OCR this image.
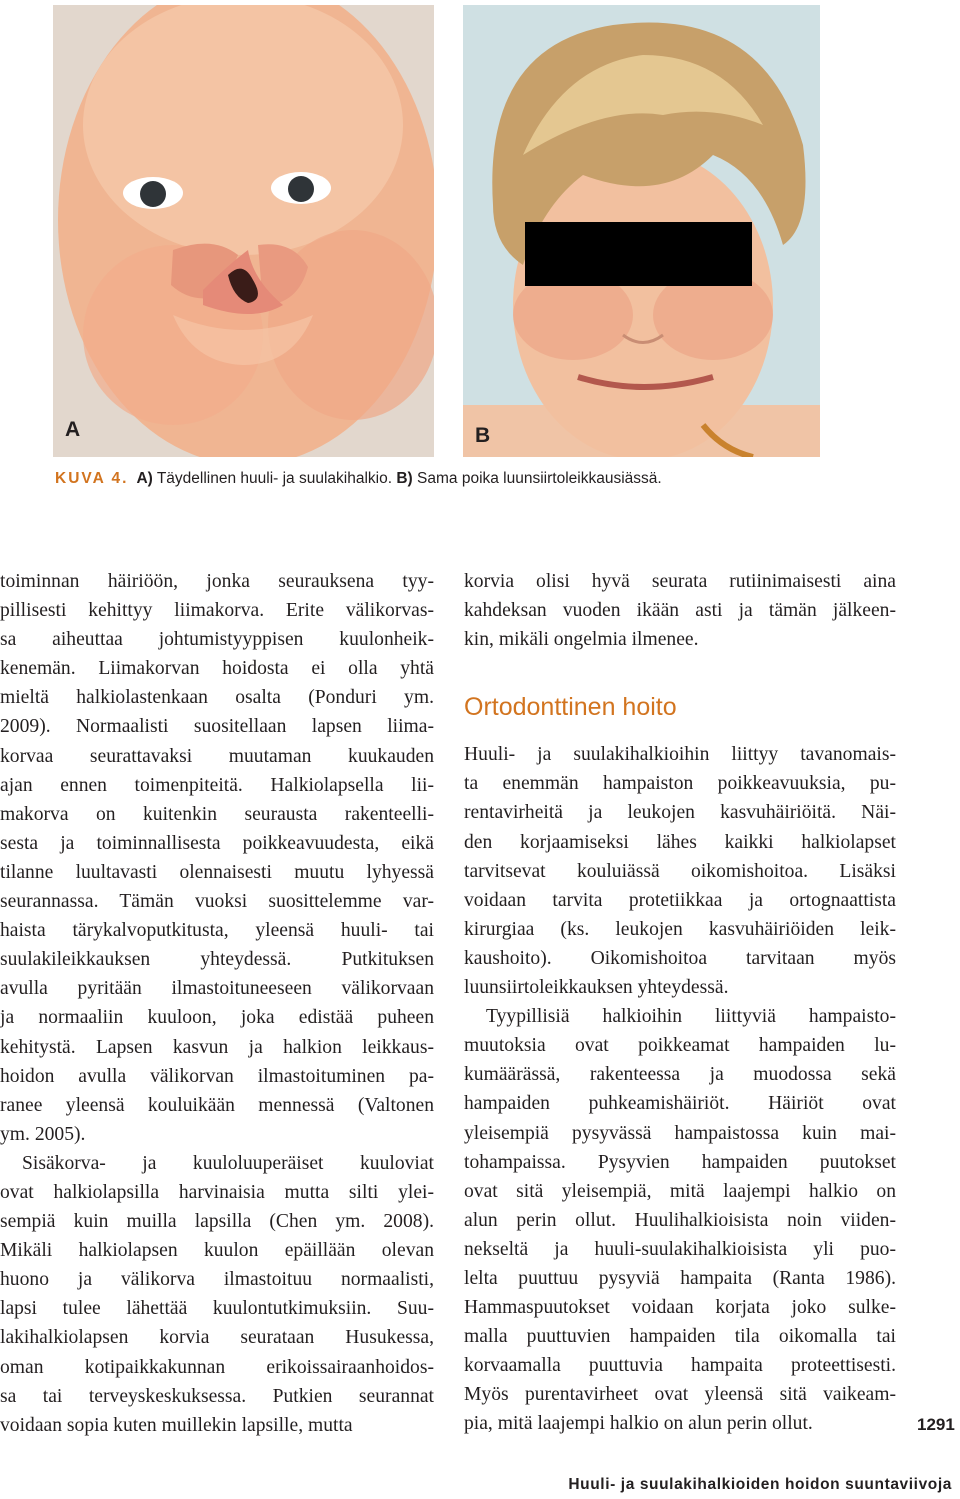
A	B
KUVA 4. A) Täydellinen huuli- ja suulakihalkio. B) Sama poika luunsiirtoleikkausiässä.

toiminnan häiriöön, jonka seurauksena tyy-
pillisesti kehittyy liimakorva. Erite välikorvas-
sa aiheuttaa johtumistyyppisen kuulonheik-
kenemän. Liimakorvan hoidosta ei olla yhtä
mieltä halkiolastenkaan osalta (Ponduri ym.
2009). Normaalisti suositellaan lapsen liima-
korvaa seurattavaksi muutaman kuukauden
ajan ennen toimenpiteitä. Halkiolapsella lii-
makorva on kuitenkin seurausta rakenteelli-
sesta ja toiminnallisesta poikkeavuudesta, eikä
tilanne luultavasti olennaisesti muutu lyhyessä
seurannassa. Tämän vuoksi suosittelemme var-
haista tärykalvoputkitusta, yleensä huuli- tai
suulakileikkauksen yhteydessä. Putkituksen
avulla pyritään ilmastoituneeseen välikorvaan
ja normaaliin kuuloon, joka edistää puheen
kehitystä. Lapsen kasvun ja halkion leikkaus-
hoidon avulla välikorvan ilmastoituminen pa-
ranee yleensä kouluikään mennessä (Valtonen
ym. 2005).

Sisäkorva- ja kuuloluuperäiset kuuloviat
ovat halkiolapsilla harvinaisia mutta silti ylei-
sempiä kuin muilla lapsilla (Chen ym. 2008).
Mikäli halkiolapsen kuulon epäillään olevan
huono ja välikorva ilmastoituu normaalisti,
lapsi tulee lähettää kuulontutkimuksiin. Suu-
lakihalkiolapsen korvia seurataan Husukessa,
oman kotipaikkakunnan erikoissairaanhoidos-
sa tai terveyskeskuksessa. Putkien seurannat
voidaan sopia kuten muillekin lapsille, mutta

korvia olisi hyvä seurata rutiinimaisesti aina
kahdeksan vuoden ikään asti ja tämän jälkeen-
kin, mikäli ongelmia ilmenee.

Ortodonttinen hoito

Huuli- ja suulakihalkioihin liittyy tavanomais-
ta enemmän hampaiston poikkeavuuksia, pu-
rentavirheitä ja leukojen kasvuhäiriöitä. Näi-
den korjaamiseksi lähes kaikki halkiolapset
tarvitsevat kouluiässä oikomishoitoa. Lisäksi
voidaan tarvita protetiikkaa ja ortognaattista
kirurgiaa (ks. leukojen kasvuhäiriöiden leik-
kaushoito). Oikomishoitoa tarvitaan myös
luunsiirtoleikkauksen yhteydessä.

Tyypillisiä halkioihin liittyviä hampaisto-
muutoksia ovat poikkeamat hampaiden lu-
kumäärässä, rakenteessa ja muodossa sekä
hampaiden puhkeamishäiriöt. Häiriöt ovat
yleisempiä pysyvässä hampaistossa kuin mai-
tohampaissa. Pysyvien hampaiden puutokset
ovat sitä yleisempiä, mitä laajempi halkio on
alun perin ollut. Huulihalkioisista noin viiden-
nekseltä ja huuli-suulakihalkioisista yli puo-
lelta puuttuu pysyviä hampaita (Ranta 1986).
Hammaspuutokset voidaan korjata joko sulke-
malla puuttuvien hampaiden tila oikomalla tai
korvaamalla puuttuvia hampaita proteettisesti.
Myös purentavirheet ovat yleensä sitä vaikeam-
pia, mitä laajempi halkio on alun perin ollut.	1291
Huuli- ja suulakihalkioiden hoidon suuntaviivoja
